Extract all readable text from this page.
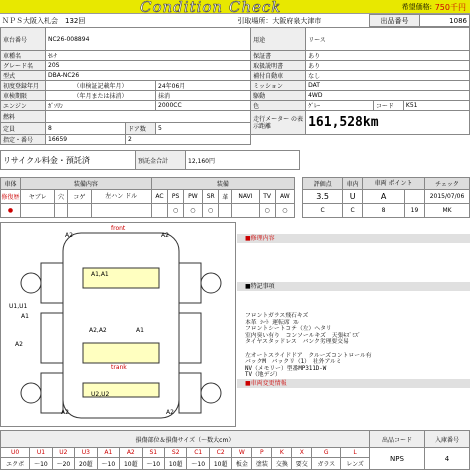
Condition Check	希望価格: 750千円
ＮＰＳ大阪入札会　132回	引取場所：大阪府泉大津市	出品番号	1086
車台番号	NC26-008894			用途	リース		
車種名	ｾﾚﾅ			保証書	あり		
グレード名	20S			取扱説明書	あり		
型式	DBA-NC26			補付自動車	なし		
初度登録年月	（車検証記載年月）		24年06月	ミッション	DAT		
車検期限	（年月または抹消）		抹消	駆動	4WD		
エンジン	ｶﾞｿﾘﾝ		2000CC	色	ｸﾞﾚｰ	コード	K51
燃料				走行メーター の表示距離	161,528km		
定員	8	ドア数	5				
指定・番号	16659	2					
リサイクル料金・預託済	預託金合計	12,160円
車体	装備内容				装備									評価点	車内	車両 ポイント		チェック
修復歴	ヤブレ	穴	コゲ	左ハン ドル	AC	PS	PW	SR	革	NAVI	TV	AW		3.5	U	A		2015/07/06
●						○	○	○			○	○		C	C	8	19	MK
front
trank
A2	A2
A1,A1
U1,U1
A1
A2,A2	A1
A2
U2,U2
A2	A2
■修理内容
■特記事項
フロントガラス飛石キズ
本革 ｼｰﾄ 運転席 ｽﾚ
フロントシートコテ（左）ヘタリ
室内臭い有り　コンソールキズ　天張ｷｽﾞﾐｽﾞ
タイヤスタッドレス　バンク劣理要交易

左オートスライドドア　クルーズコントロール有
バックM　バックリ（1）　社外アルミ
NV（メモリー）型番MP311D-W
TV（地デジ）
■車両変更情報
損傷部位＆損傷サイズ（～数大cm）																出品コード	入庫番号
U0	U1	U2	U3	A1	A2	S1	S2	C1	C2	W	P	K	X	G	L	NPS	4
エクボ	～10	～20	20超	～10	10超	～10	10超	～10	10超	板金	塗装	交換	要交	ガラス	レンズ		
